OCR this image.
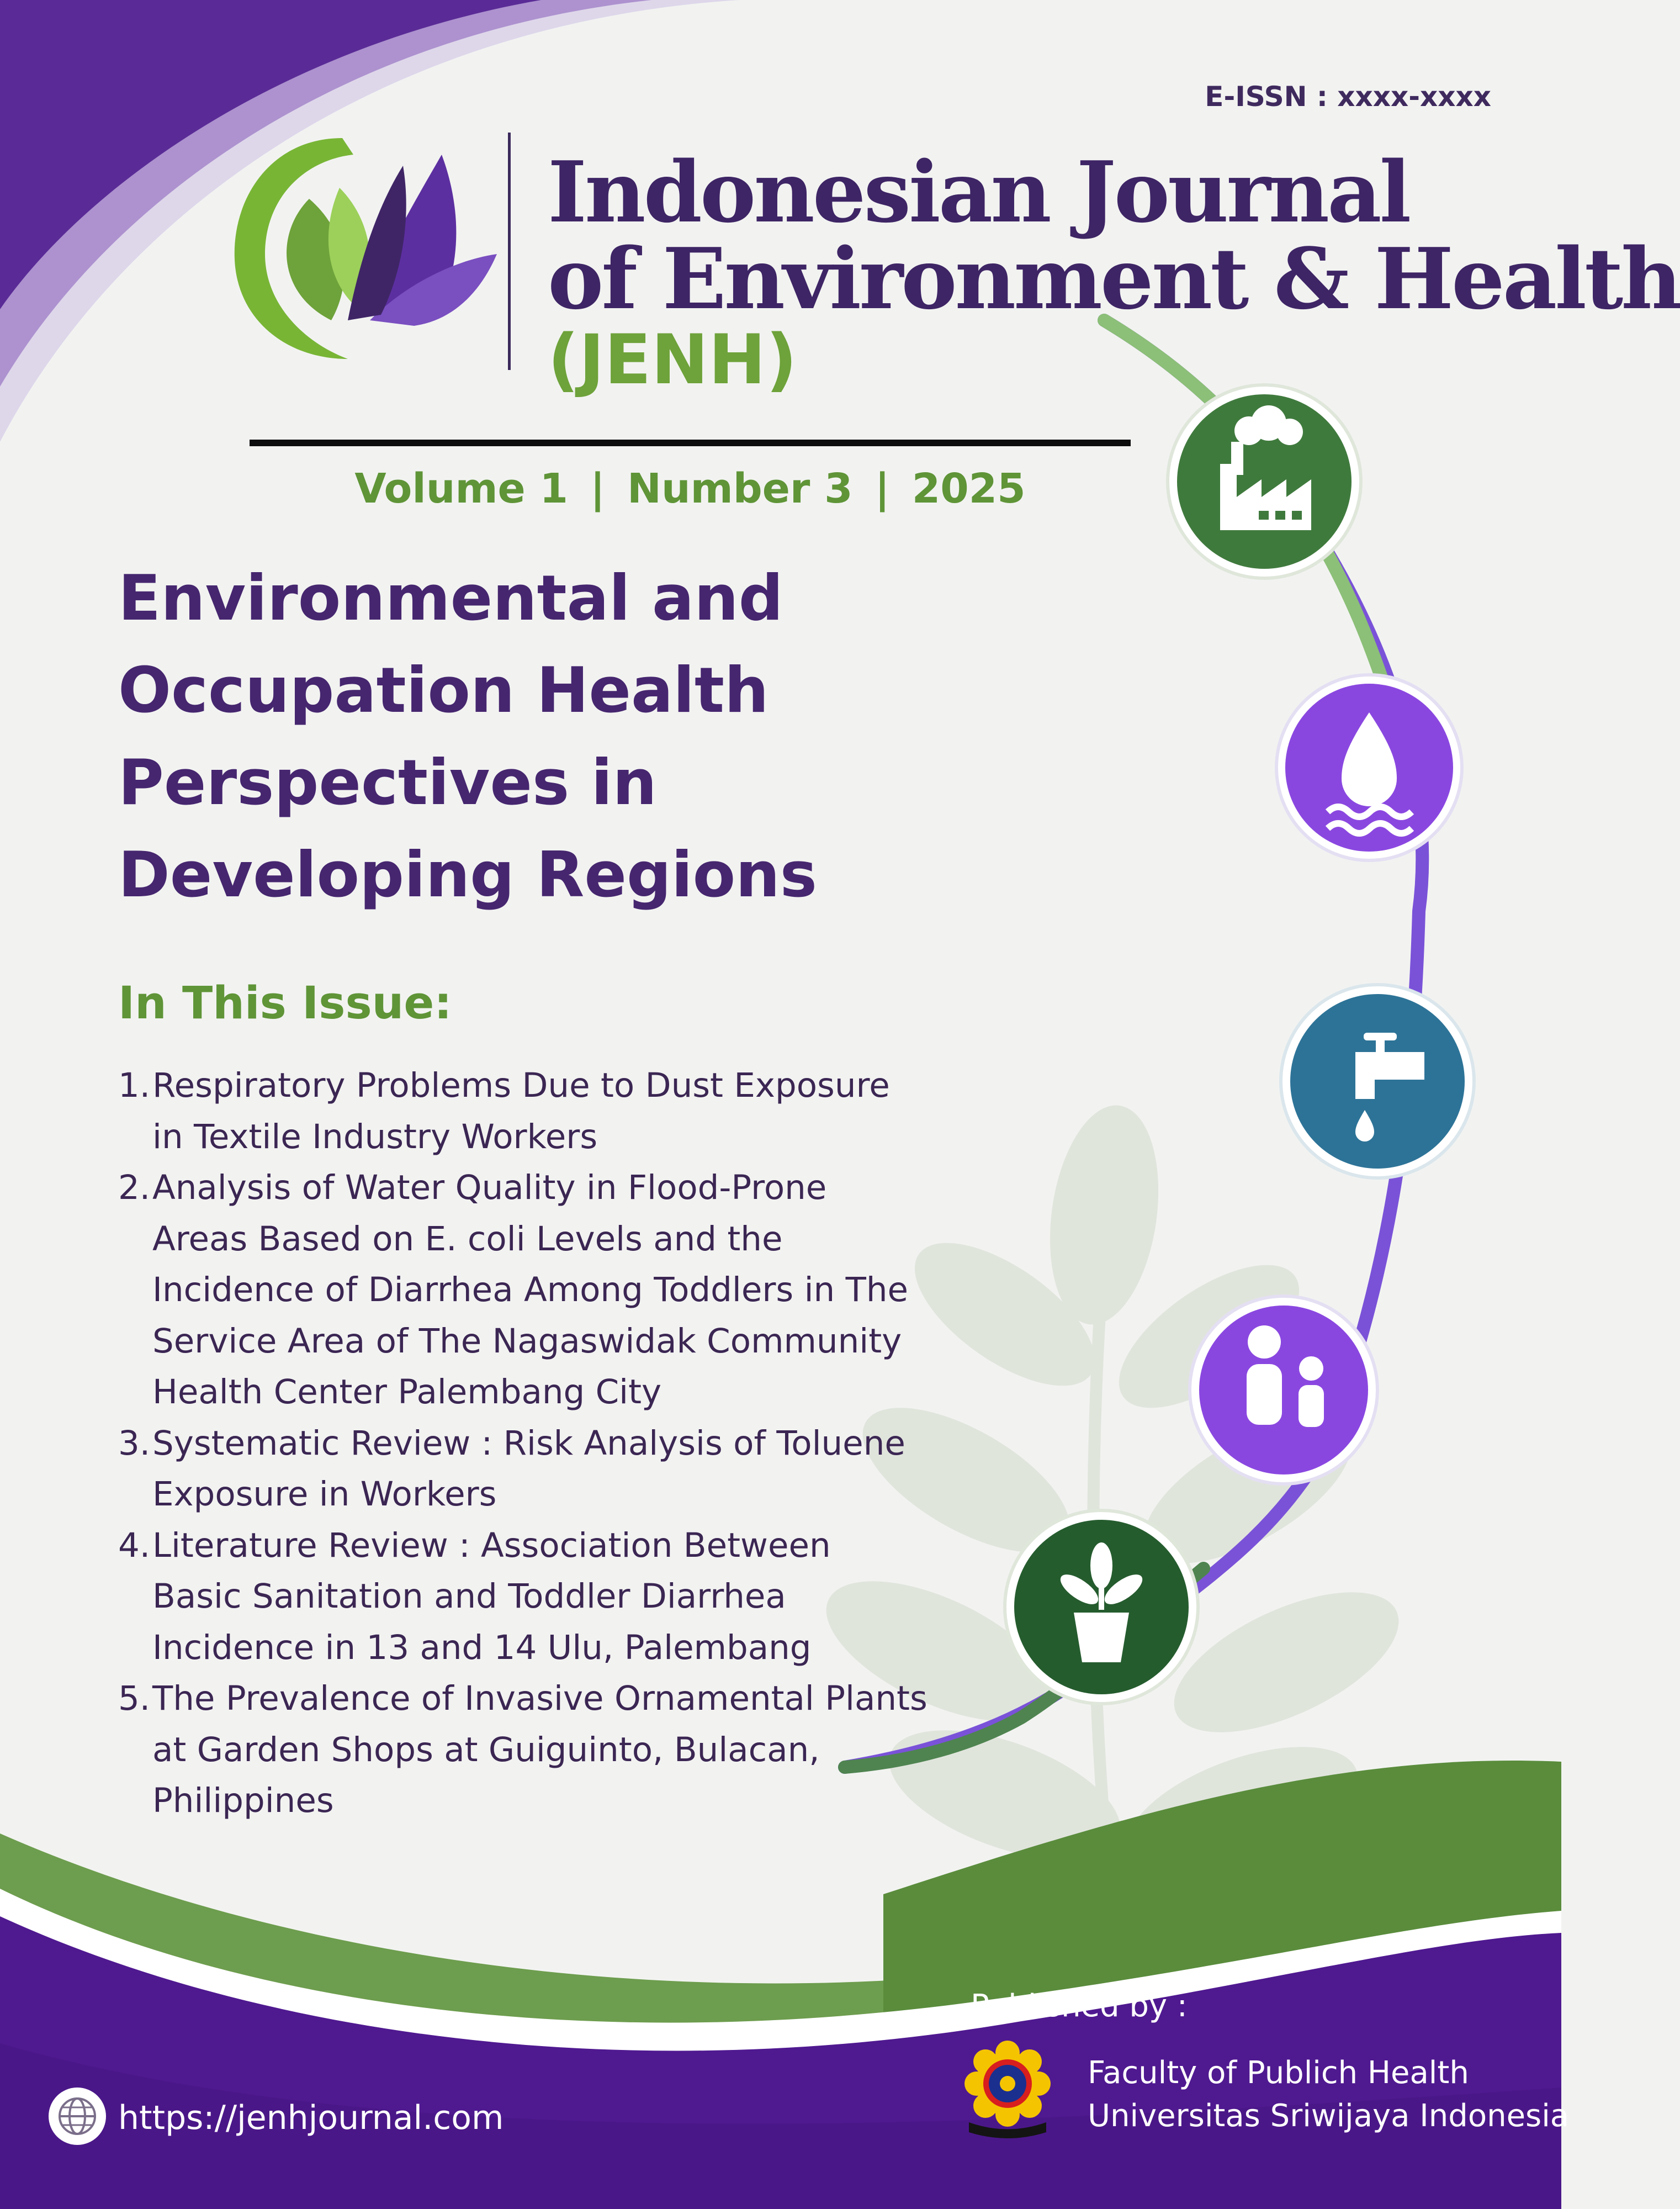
E-ISSN : xxxx-xxxx
Indonesian Journal
of Environment & Health
(JENH)
Volume 1 | Number 3 | 2025
Environmental and Occupation Health Perspectives in Developing Regions
In This Issue:
1. Respiratory Problems Due to Dust Exposure in Textile Industry Workers
2. Analysis of Water Quality in Flood-Prone Areas Based on E. coli Levels and the Incidence of Diarrhea Among Toddlers in The Service Area of The Nagaswidak Community Health Center Palembang City
3. Systematic Review : Risk Analysis of Toluene Exposure in Workers
4. Literature Review : Association Between Basic Sanitation and Toddler Diarrhea Incidence in 13 and 14 Ulu, Palembang
5. The Prevalence of Invasive Ornamental Plants at Garden Shops at Guiguinto, Bulacan, Philippines
Published by :
Faculty of Publich Health
Universitas Sriwijaya Indonesia
https://jenhjournal.com
